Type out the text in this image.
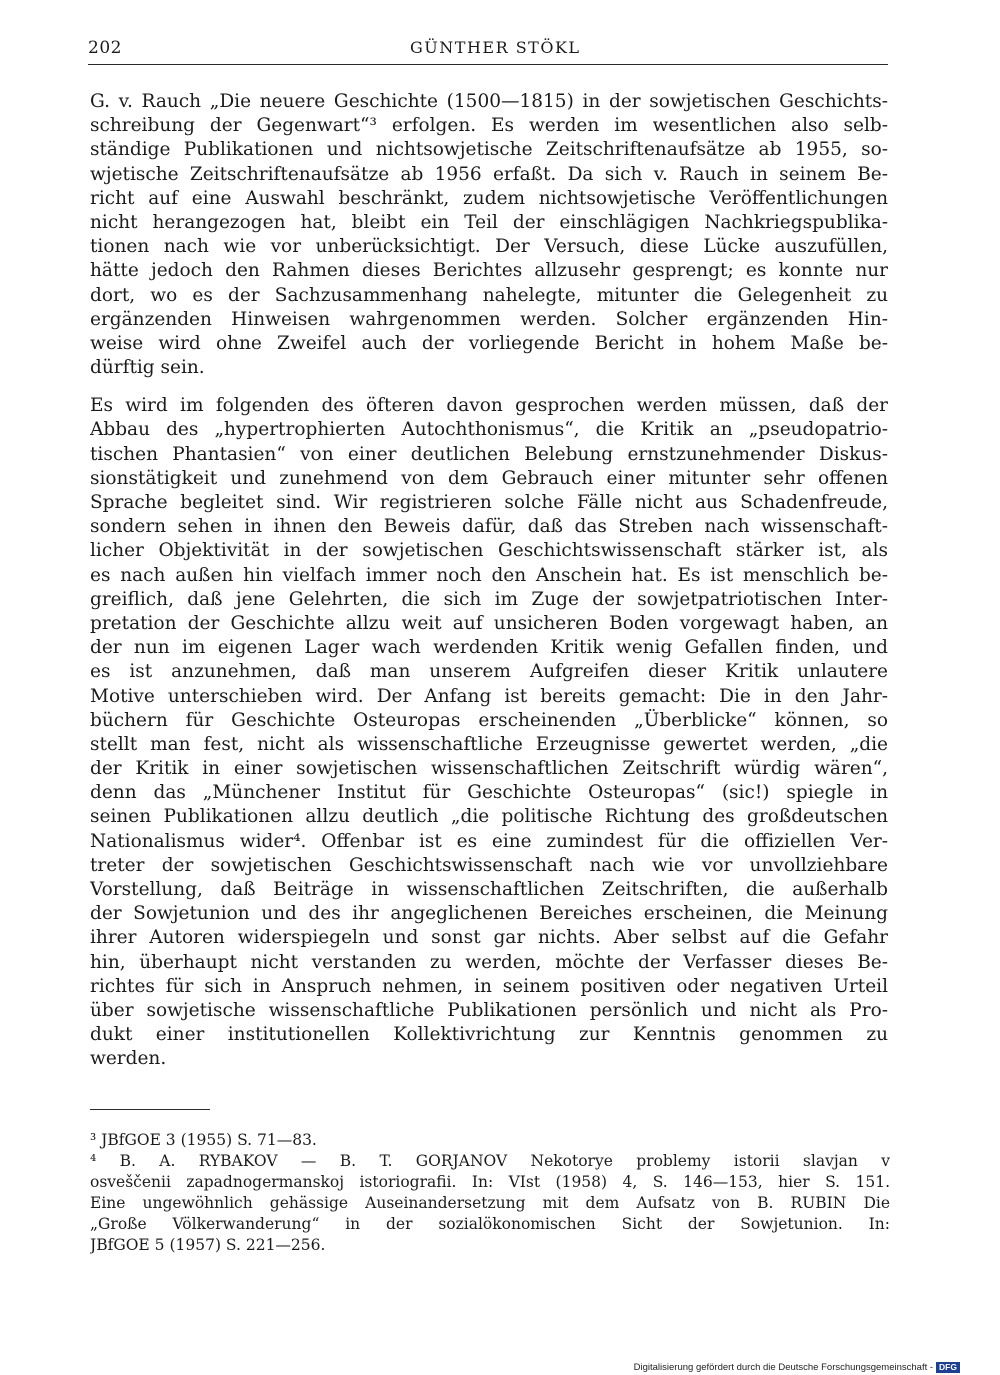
202	GÜNTHER STÖKL
G. v. Rauch „Die neuere Geschichte (1500—1815) in der sowjetischen Geschichts-
schreibung der Gegenwart“³ erfolgen. Es werden im wesentlichen also selb-
ständige Publikationen und nichtsowjetische Zeitschriftenaufsätze ab 1955, so-
wjetische Zeitschriftenaufsätze ab 1956 erfaßt. Da sich v. Rauch in seinem Be-
richt auf eine Auswahl beschränkt, zudem nichtsowjetische Veröffentlichungen
nicht herangezogen hat, bleibt ein Teil der einschlägigen Nachkriegspublika-
tionen nach wie vor unberücksichtigt. Der Versuch, diese Lücke auszufüllen,
hätte jedoch den Rahmen dieses Berichtes allzusehr gesprengt; es konnte nur
dort, wo es der Sachzusammenhang nahelegte, mitunter die Gelegenheit zu
ergänzenden Hinweisen wahrgenommen werden. Solcher ergänzenden Hin-
weise wird ohne Zweifel auch der vorliegende Bericht in hohem Maße be-
dürftig sein.
Es wird im folgenden des öfteren davon gesprochen werden müssen, daß der
Abbau des „hypertrophierten Autochthonismus“, die Kritik an „pseudopatrio-
tischen Phantasien“ von einer deutlichen Belebung ernstzunehmender Diskus-
sionstätigkeit und zunehmend von dem Gebrauch einer mitunter sehr offenen
Sprache begleitet sind. Wir registrieren solche Fälle nicht aus Schadenfreude,
sondern sehen in ihnen den Beweis dafür, daß das Streben nach wissenschaft-
licher Objektivität in der sowjetischen Geschichtswissenschaft stärker ist, als
es nach außen hin vielfach immer noch den Anschein hat. Es ist menschlich be-
greiflich, daß jene Gelehrten, die sich im Zuge der sowjetpatriotischen Inter-
pretation der Geschichte allzu weit auf unsicheren Boden vorgewagt haben, an
der nun im eigenen Lager wach werdenden Kritik wenig Gefallen finden, und
es ist anzunehmen, daß man unserem Aufgreifen dieser Kritik unlautere
Motive unterschieben wird. Der Anfang ist bereits gemacht: Die in den Jahr-
büchern für Geschichte Osteuropas erscheinenden „Überblicke“ können, so
stellt man fest, nicht als wissenschaftliche Erzeugnisse gewertet werden, „die
der Kritik in einer sowjetischen wissenschaftlichen Zeitschrift würdig wären“,
denn das „Münchener Institut für Geschichte Osteuropas“ (sic!) spiegle in
seinen Publikationen allzu deutlich „die politische Richtung des großdeutschen
Nationalismus wider⁴. Offenbar ist es eine zumindest für die offiziellen Ver-
treter der sowjetischen Geschichtswissenschaft nach wie vor unvollziehbare
Vorstellung, daß Beiträge in wissenschaftlichen Zeitschriften, die außerhalb
der Sowjetunion und des ihr angeglichenen Bereiches erscheinen, die Meinung
ihrer Autoren widerspiegeln und sonst gar nichts. Aber selbst auf die Gefahr
hin, überhaupt nicht verstanden zu werden, möchte der Verfasser dieses Be-
richtes für sich in Anspruch nehmen, in seinem positiven oder negativen Urteil
über sowjetische wissenschaftliche Publikationen persönlich und nicht als Pro-
dukt einer institutionellen Kollektivrichtung zur Kenntnis genommen zu
werden.
³ JBfGOE 3 (1955) S. 71—83.
⁴ B. A. RYBAKOV — B. T. GORJANOV Nekotorye problemy istorii slavjan v
osveščenii zapadnogermanskoj istoriografii. In: VIst (1958) 4, S. 146—153, hier S. 151.
Eine ungewöhnlich gehässige Auseinandersetzung mit dem Aufsatz von B. RUBIN Die
„Große Völkerwanderung“ in der sozialökonomischen Sicht der Sowjetunion. In:
JBfGOE 5 (1957) S. 221—256.
Digitalisierung gefördert durch die Deutsche Forschungsgemeinschaft - DFG
